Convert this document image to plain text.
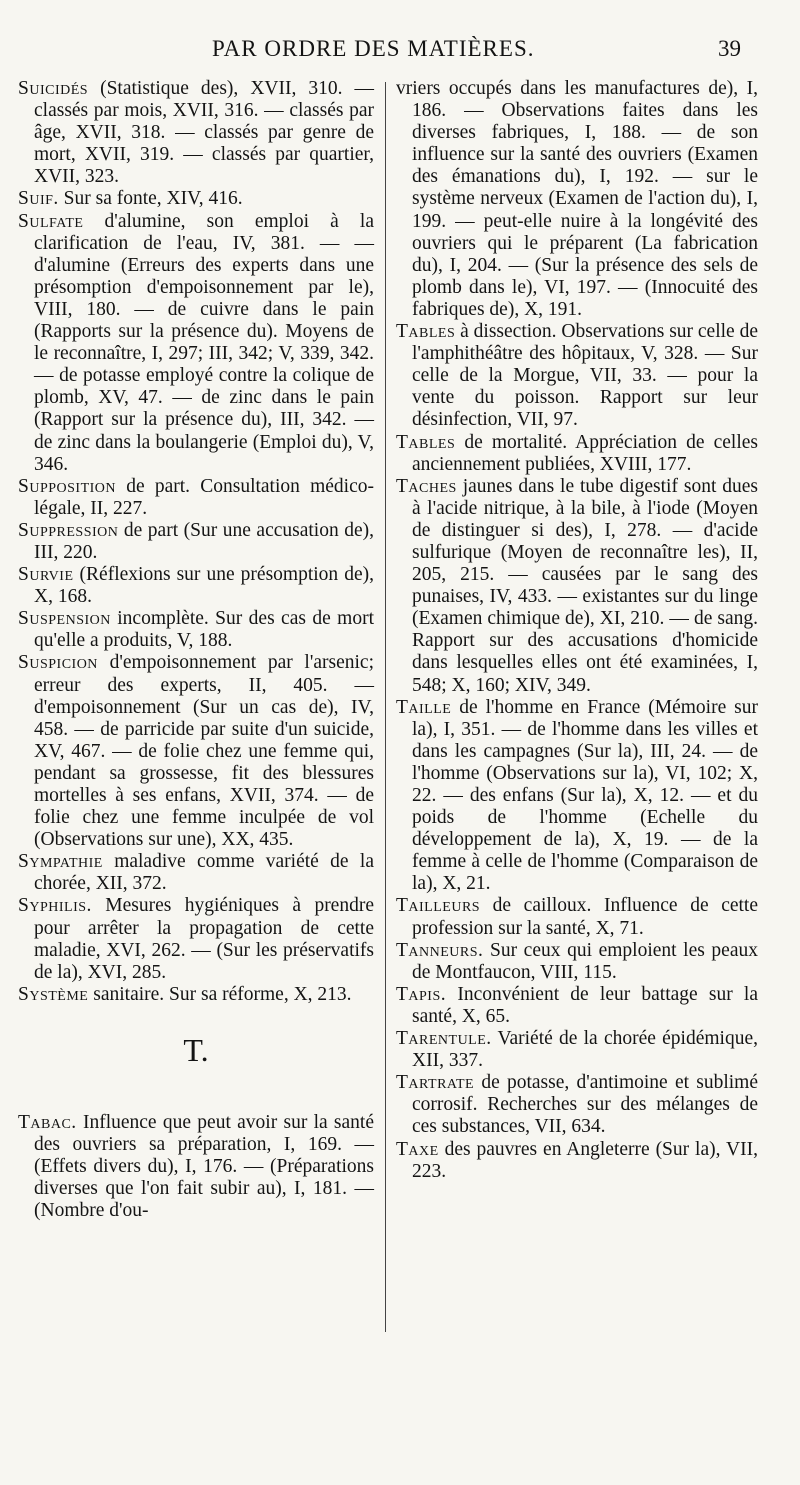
PAR ORDRE DES MATIÈRES.	39

Suicidés (Statistique des), XVII, 310. — classés par mois, XVII, 316. — classés par âge, XVII, 318. — classés par genre de mort, XVII, 319. — classés par quartier, XVII, 323.

Suif. Sur sa fonte, XIV, 416.

Sulfate d'alumine, son emploi à la clarification de l'eau, IV, 381. — — d'alumine (Erreurs des experts dans une présomption d'empoisonnement par le), VIII, 180. — de cuivre dans le pain (Rapports sur la présence du). Moyens de le reconnaître, I, 297; III, 342; V, 339, 342. — de potasse employé contre la colique de plomb, XV, 47. — de zinc dans le pain (Rapport sur la présence du), III, 342. — de zinc dans la boulangerie (Emploi du), V, 346.

Supposition de part. Consultation médico-légale, II, 227.

Suppression de part (Sur une accusation de), III, 220.

Survie (Réflexions sur une présomption de), X, 168.

Suspension incomplète. Sur des cas de mort qu'elle a produits, V, 188.

Suspicion d'empoisonnement par l'arsenic; erreur des experts, II, 405. — d'empoisonnement (Sur un cas de), IV, 458. — de parricide par suite d'un suicide, XV, 467. — de folie chez une femme qui, pendant sa grossesse, fit des blessures mortelles à ses enfans, XVII, 374. — de folie chez une femme inculpée de vol (Observations sur une), XX, 435.

Sympathie maladive comme variété de la chorée, XII, 372.

Syphilis. Mesures hygiéniques à prendre pour arrêter la propagation de cette maladie, XVI, 262. — (Sur les préservatifs de la), XVI, 285.

Système sanitaire. Sur sa réforme, X, 213.

T.

Tabac. Influence que peut avoir sur la santé des ouvriers sa préparation, I, 169. — (Effets divers du), I, 176. — (Préparations diverses que l'on fait subir au), I, 181. — (Nombre d'ou-

vriers occupés dans les manufactures de), I, 186. — Observations faites dans les diverses fabriques, I, 188. — de son influence sur la santé des ouvriers (Examen des émanations du), I, 192. — sur le système nerveux (Examen de l'action du), I, 199. — peut-elle nuire à la longévité des ouvriers qui le préparent (La fabrication du), I, 204. — (Sur la présence des sels de plomb dans le), VI, 197. — (Innocuité des fabriques de), X, 191.

Tables à dissection. Observations sur celle de l'amphithéâtre des hôpitaux, V, 328. — Sur celle de la Morgue, VII, 33. — pour la vente du poisson. Rapport sur leur désinfection, VII, 97.

Tables de mortalité. Appréciation de celles anciennement publiées, XVIII, 177.

Taches jaunes dans le tube digestif sont dues à l'acide nitrique, à la bile, à l'iode (Moyen de distinguer si des), I, 278. — d'acide sulfurique (Moyen de reconnaître les), II, 205, 215. — causées par le sang des punaises, IV, 433. — existantes sur du linge (Examen chimique de), XI, 210. — de sang. Rapport sur des accusations d'homicide dans lesquelles elles ont été examinées, I, 548; X, 160; XIV, 349.

Taille de l'homme en France (Mémoire sur la), I, 351. — de l'homme dans les villes et dans les campagnes (Sur la), III, 24. — de l'homme (Observations sur la), VI, 102; X, 22. — des enfans (Sur la), X, 12. — et du poids de l'homme (Echelle du développement de la), X, 19. — de la femme à celle de l'homme (Comparaison de la), X, 21.

Tailleurs de cailloux. Influence de cette profession sur la santé, X, 71.

Tanneurs. Sur ceux qui emploient les peaux de Montfaucon, VIII, 115.

Tapis. Inconvénient de leur battage sur la santé, X, 65.

Tarentule. Variété de la chorée épidémique, XII, 337.

Tartrate de potasse, d'antimoine et sublimé corrosif. Recherches sur des mélanges de ces substances, VII, 634.

Taxe des pauvres en Angleterre (Sur la), VII, 223.
